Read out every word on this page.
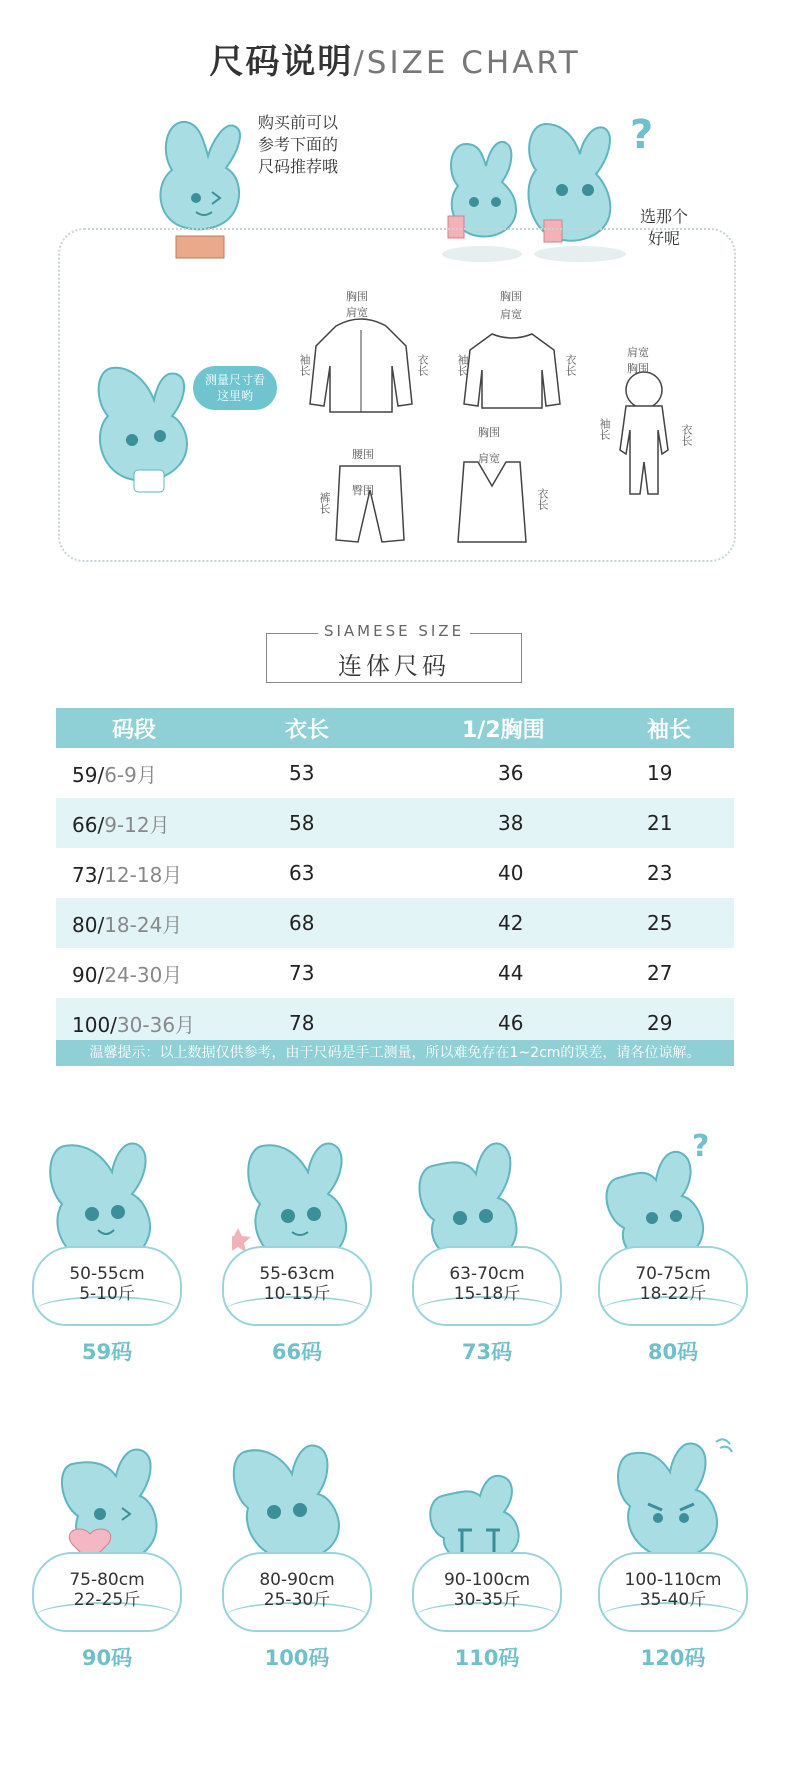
尺码说明/SIZE CHART
购买前可以
参考下面的
尺码推荐哦
?
选那个
好呢
测量尺寸看
这里哟
胸围
肩宽
袖长	衣长
胸围
肩宽
袖长	衣长
肩宽
胸围
袖长	衣长
腰围
臀围
裤长
胸围
肩宽
衣长
SIAMESE SIZE
连体尺码
码段	衣长	1/2胸围	袖长
59/6-9月	53	36	19
66/9-12月	58	38	21
73/12-18月	63	40	23
80/18-24月	68	42	25
90/24-30月	73	44	27
100/30-36月	78	46	29
温馨提示：以上数据仅供参考，由于尺码是手工测量，所以难免存在1~2cm的误差，请各位谅解。
50-55cm
5-10斤
59码
55-63cm
10-15斤
66码
63-70cm
15-18斤
73码
?
70-75cm
18-22斤
80码
75-80cm
22-25斤
90码
80-90cm
25-30斤
100码
90-100cm
30-35斤
110码
100-110cm
35-40斤
120码
